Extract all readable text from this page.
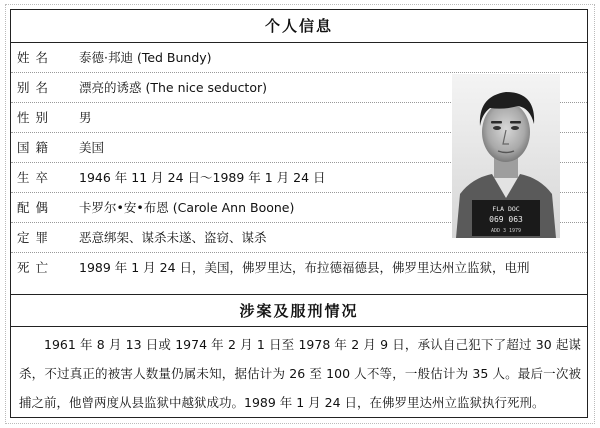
个人信息
姓名	泰德·邦迪 (Ted Bundy)
别名	漂亮的诱惑 (The nice seductor)
性别	男
国籍	美国
生卒	1946 年 11 月 24 日～1989 年 1 月 24 日
配偶	卡罗尔•安•布恩 (Carole Ann Boone)
定罪	恶意绑架、谋杀未遂、盗窃、谋杀
死亡	1989 年 1 月 24 日，美国，佛罗里达，布拉德福德县，佛罗里达州立监狱，电刑
FLA DOC
069 063
ADD 3 1979
涉案及服刑情况

1961 年 8 月 13 日或 1974 年 2 月 1 日至 1978 年 2 月 9 日，承认自己犯下了超过 30 起谋杀，不过真正的被害人数量仍属未知，据估计为 26 至 100 人不等，一般估计为 35 人。最后一次被捕之前，他曾两度从县监狱中越狱成功。1989 年 1 月 24 日，在佛罗里达州立监狱执行死刑。
